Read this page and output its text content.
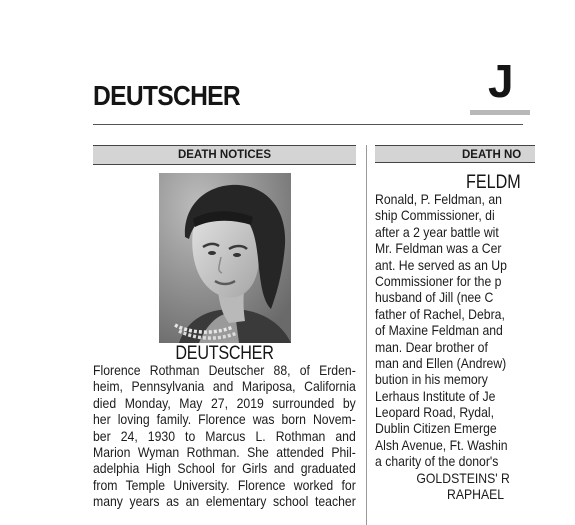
DEUTSCHER	J
DEATH NOTICES	DEATH NO
DEUTSCHER
Florence Rothman Deutscher 88, of Erden-
heim, Pennsylvania and Mariposa, California
died Monday, May 27, 2019 surrounded by
her loving family. Florence was born Novem-
ber 24, 1930 to Marcus L. Rothman and
Marion Wyman Rothman. She attended Phil-
adelphia High School for Girls and graduated
from Temple University. Florence worked for
many years as an elementary school teacher
FELDM
Ronald, P. Feldman, an
ship Commissioner, di
after a 2 year battle wit
Mr. Feldman was a Cer
ant. He served as an Up
Commissioner for the p
husband of Jill (nee C
father of Rachel, Debra,
of Maxine Feldman and
man. Dear brother of
man and Ellen (Andrew)
bution in his memory
Lerhaus Institute of Je
Leopard Road, Rydal,
Dublin Citizen Emerge
Alsh Avenue, Ft. Washin
a charity of the donor's
GOLDSTEINS' R
RAPHAEL
